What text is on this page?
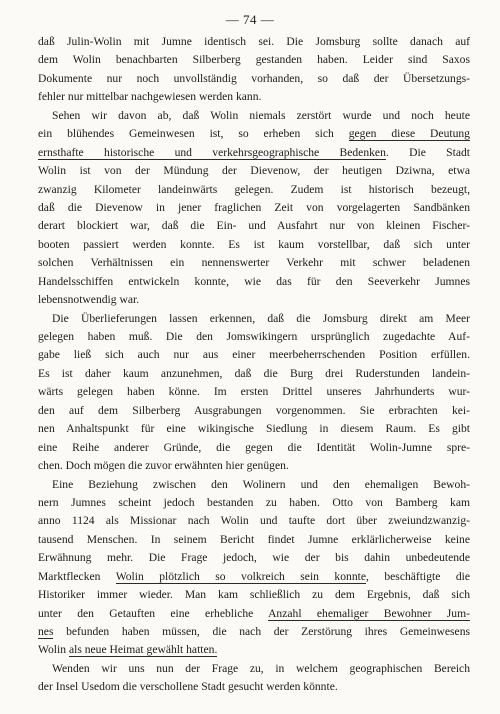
— 74 —
daß Julin-Wolin mit Jumne identisch sei. Die Jomsburg sollte danach auf
dem Wolin benachbarten Silberberg gestanden haben. Leider sind Saxos
Dokumente nur noch unvollständig vorhanden, so daß der Übersetzungs-
fehler nur mittelbar nachgewiesen werden kann.
Sehen wir davon ab, daß Wolin niemals zerstört wurde und noch heute
ein blühendes Gemeinwesen ist, so erheben sich gegen diese Deutung
ernsthafte historische und verkehrsgeographische Bedenken. Die Stadt
Wolin ist von der Mündung der Dievenow, der heutigen Dziwna, etwa
zwanzig Kilometer landeinwärts gelegen. Zudem ist historisch bezeugt,
daß die Dievenow in jener fraglichen Zeit von vorgelagerten Sandbänken
derart blockiert war, daß die Ein- und Ausfahrt nur von kleinen Fischer-
booten passiert werden konnte. Es ist kaum vorstellbar, daß sich unter
solchen Verhältnissen ein nennenswerter Verkehr mit schwer beladenen
Handelsschiffen entwickeln konnte, wie das für den Seeverkehr Jumnes
lebensnotwendig war.
Die Überlieferungen lassen erkennen, daß die Jomsburg direkt am Meer
gelegen haben muß. Die den Jomswikingern ursprünglich zugedachte Auf-
gabe ließ sich auch nur aus einer meerbeherrschenden Position erfüllen.
Es ist daher kaum anzunehmen, daß die Burg drei Ruderstunden landein-
wärts gelegen haben könne. Im ersten Drittel unseres Jahrhunderts wur-
den auf dem Silberberg Ausgrabungen vorgenommen. Sie erbrachten kei-
nen Anhaltspunkt für eine wikingische Siedlung in diesem Raum. Es gibt
eine Reihe anderer Gründe, die gegen die Identität Wolin-Jumne spre-
chen. Doch mögen die zuvor erwähnten hier genügen.
Eine Beziehung zwischen den Wolinern und den ehemaligen Bewoh-
nern Jumnes scheint jedoch bestanden zu haben. Otto von Bamberg kam
anno 1124 als Missionar nach Wolin und taufte dort über zweiundzwanzig-
tausend Menschen. In seinem Bericht findet Jumne erklärlicherweise keine
Erwähnung mehr. Die Frage jedoch, wie der bis dahin unbedeutende
Marktflecken Wolin plötzlich so volkreich sein konnte, beschäftigte die
Historiker immer wieder. Man kam schließlich zu dem Ergebnis, daß sich
unter den Getauften eine erhebliche Anzahl ehemaliger Bewohner Jum-
nes befunden haben müssen, die nach der Zerstörung ihres Gemeinwesens
Wolin als neue Heimat gewählt hatten.
Wenden wir uns nun der Frage zu, in welchem geographischen Bereich
der Insel Usedom die verschollene Stadt gesucht werden könnte.
